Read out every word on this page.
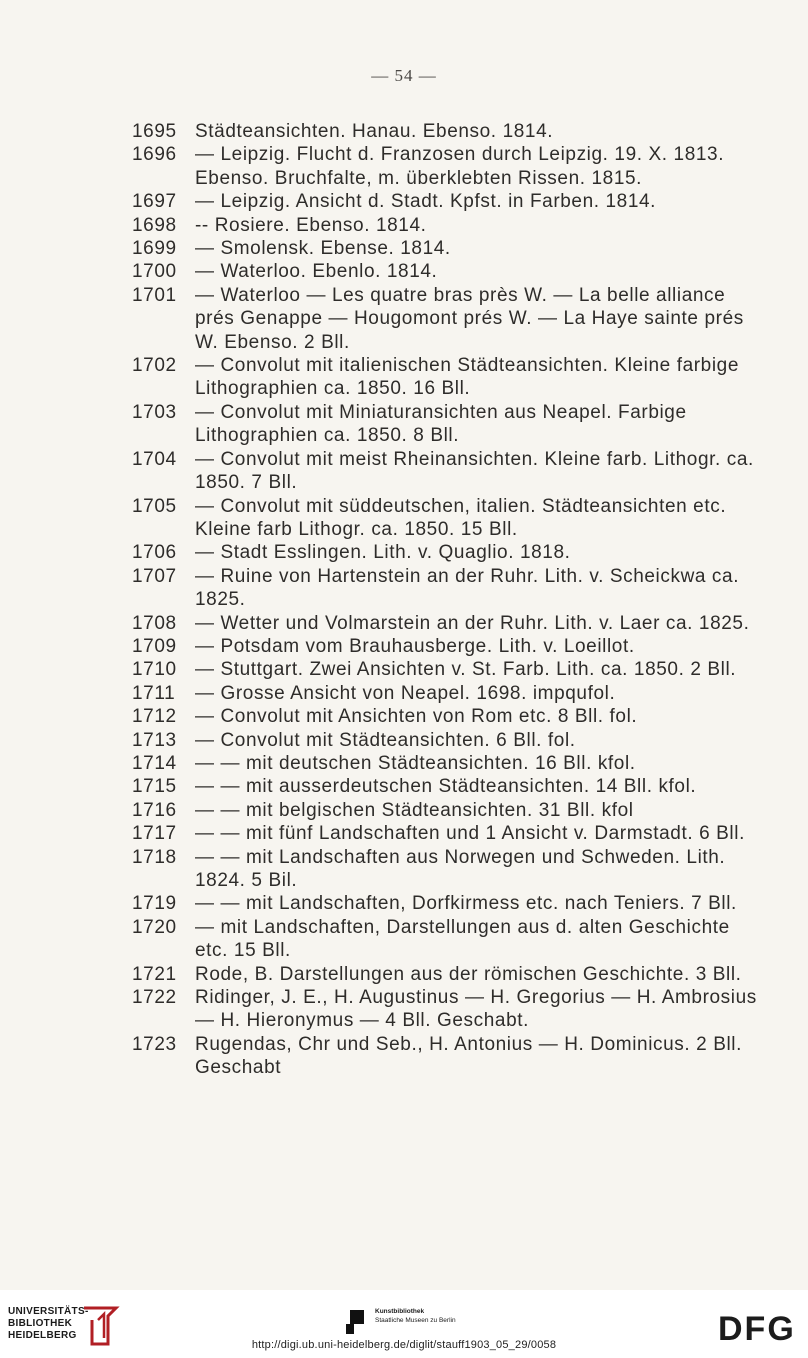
— 54 —
1695 Städteansichten. Hanau. Ebenso. 1814.
1696 — Leipzig. Flucht d. Franzosen durch Leipzig. 19. X. 1813. Ebenso. Bruchfalte, m. überklebten Rissen. 1815.
1697 — Leipzig. Ansicht d. Stadt. Kpfst. in Farben. 1814.
1698 -- Rosiere. Ebenso. 1814.
1699 — Smolensk. Ebense. 1814.
1700 — Waterloo. Ebenlo. 1814.
1701 — Waterloo — Les quatre bras près W. — La belle alliance prés Genappe — Hougomont prés W. — La Haye sainte prés W. Ebenso. 2 Bll.
1702 — Convolut mit italienischen Städteansichten. Kleine farbige Lithographien ca. 1850. 16 Bll.
1703 — Convolut mit Miniaturansichten aus Neapel. Farbige Lithographien ca. 1850. 8 Bll.
1704 — Convolut mit meist Rheinansichten. Kleine farb. Lithogr. ca. 1850. 7 Bll.
1705 — Convolut mit süddeutschen, italien. Städteansichten etc. Kleine farb Lithogr. ca. 1850. 15 Bll.
1706 — Stadt Esslingen. Lith. v. Quaglio. 1818.
1707 — Ruine von Hartenstein an der Ruhr. Lith. v. Scheickwa ca. 1825.
1708 — Wetter und Volmarstein an der Ruhr. Lith. v. Laer ca. 1825.
1709 — Potsdam vom Brauhausberge. Lith. v. Loeillot.
1710 — Stuttgart. Zwei Ansichten v. St. Farb. Lith. ca. 1850. 2 Bll.
1711	— Grosse Ansicht von Neapel. 1698. impqufol.
1712 — Convolut mit Ansichten von Rom etc. 8 Bll. fol.
1713 — Convolut mit Städteansichten. 6 Bll. fol.
1714 — — mit deutschen Städteansichten. 16 Bll. kfol.
1715 — — mit ausserdeutschen Städteansichten. 14 Bll. kfol.
1716 — — mit belgischen Städteansichten. 31 Bll. kfol
1717 — — mit fünf Landschaften und 1 Ansicht v. Darmstadt. 6 Bll.
1718 — — mit Landschaften aus Norwegen und Schweden. Lith. 1824. 5 Bil.
1719 — — mit Landschaften, Dorfkirmess etc. nach Teniers. 7 Bll.
1720 — mit Landschaften, Darstellungen aus d. alten Geschichte etc. 15 Bll.
1721 Rode, B. Darstellungen aus der römischen Geschichte. 3 Bll.
1722 Ridinger, J. E., H. Augustinus — H. Gregorius — H. Ambrosius — H. Hieronymus — 4 Bll. Geschabt.
1723 Rugendas, Chr und Seb., H. Antonius — H. Dominicus. 2 Bll. Geschabt
UNIVERSITÄTS- BIBLIOTHEK HEIDELBERG
Kunstbibliothek
Staatliche Museen zu Berlin
http://digi.ub.uni-heidelberg.de/diglit/stauff1903_05_29/0058	DFG
